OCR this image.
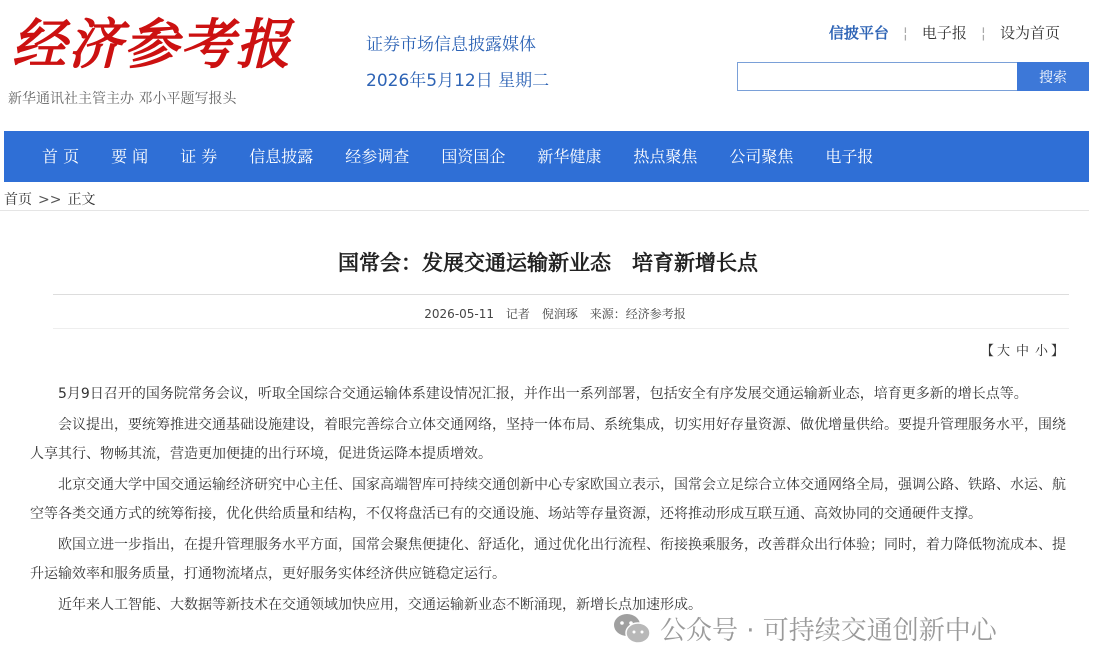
经济参考报
新华通讯社主管主办 邓小平题写报头
证券市场信息披露媒体
2026年5月12日 星期二
信披平台 ¦ 电子报 ¦ 设为首页
搜索
首 页	要 闻	证 券	信息披露	经参调查	国资国企	新华健康	热点聚焦	公司聚焦	电子报
首页 >> 正文
国常会：发展交通运输新业态　培育新增长点
2026-05-11 记者　倪润琢 来源：经济参考报
【 大 中 小 】

5月9日召开的国务院常务会议，听取全国综合交通运输体系建设情况汇报，并作出一系列部署，包括安全有序发展交通运输新业态，培育更多新的增长点等。

会议提出，要统筹推进交通基础设施建设，着眼完善综合立体交通网络，坚持一体布局、系统集成，切实用好存量资源、做优增量供给。要提升管理服务水平，围绕人享其行、物畅其流，营造更加便捷的出行环境，促进货运降本提质增效。

北京交通大学中国交通运输经济研究中心主任、国家高端智库可持续交通创新中心专家欧国立表示，国常会立足综合立体交通网络全局，强调公路、铁路、水运、航空等各类交通方式的统筹衔接，优化供给质量和结构，不仅将盘活已有的交通设施、场站等存量资源，还将推动形成互联互通、高效协同的交通硬件支撑。

欧国立进一步指出，在提升管理服务水平方面，国常会聚焦便捷化、舒适化，通过优化出行流程、衔接换乘服务，改善群众出行体验；同时，着力降低物流成本、提升运输效率和服务质量，打通物流堵点，更好服务实体经济供应链稳定运行。

近年来人工智能、大数据等新技术在交通领域加快应用，交通运输新业态不断涌现，新增长点加速形成。

公众号 · 可持续交通创新中心
